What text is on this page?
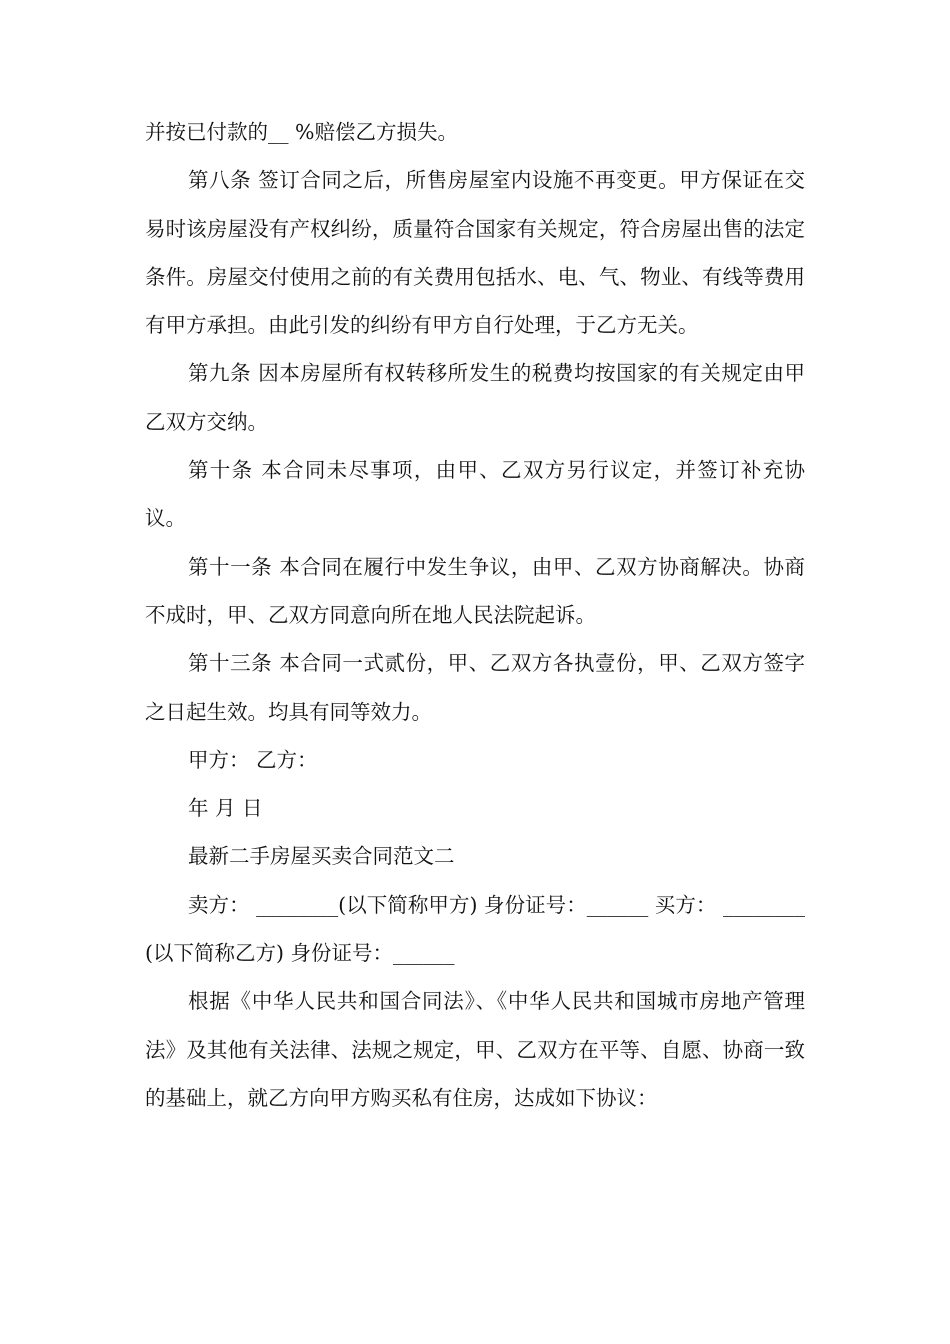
并按已付款的__ %赔偿乙方损失。

第八条 签订合同之后，所售房屋室内设施不再变更。甲方保证在交易时该房屋没有产权纠纷，质量符合国家有关规定，符合房屋出售的法定条件。房屋交付使用之前的有关费用包括水、电、气、物业、有线等费用有甲方承担。由此引发的纠纷有甲方自行处理，于乙方无关。

第九条 因本房屋所有权转移所发生的税费均按国家的有关规定由甲乙双方交纳。

第十条 本合同未尽事项，由甲、乙双方另行议定，并签订补充协议。

第十一条 本合同在履行中发生争议，由甲、乙双方协商解决。协商不成时，甲、乙双方同意向所在地人民法院起诉。

第十三条 本合同一式贰份，甲、乙双方各执壹份，甲、乙双方签字之日起生效。均具有同等效力。

甲方： 乙方：

年 月 日

最新二手房屋买卖合同范文二

卖方： ________(以下简称甲方) 身份证号：______ 买方： ________(以下简称乙方) 身份证号：______

根据《中华人民共和国合同法》、《中华人民共和国城市房地产管理法》及其他有关法律、法规之规定，甲、乙双方在平等、自愿、协商一致的基础上，就乙方向甲方购买私有住房，达成如下协议：
